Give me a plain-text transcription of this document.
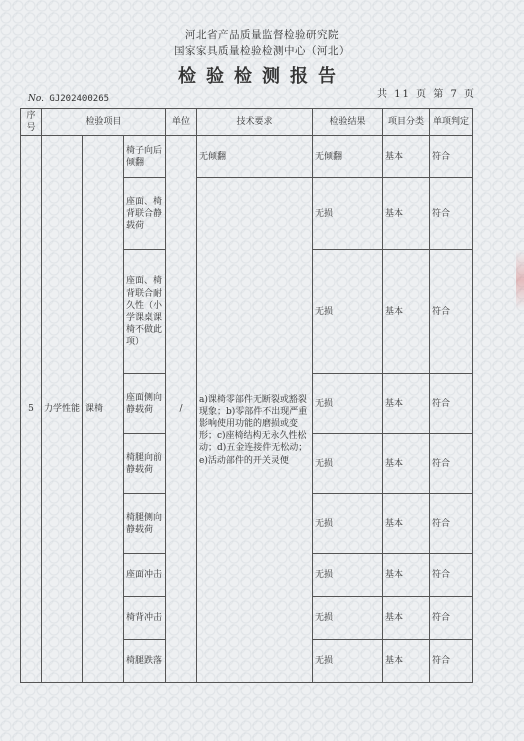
河北省产品质量监督检验研究院
国家家具质量检验检测中心（河北）
检验检测报告
共 11 页 第 7 页
No. GJ202400265
序号	检验项目			单位	技术要求	检验结果	项目分类	单项判定
5	力学性能	课椅	椅子向后倾翻	/	无倾翻	无倾翻	基本	符合
			座面、椅背联合静载荷		a)课椅零部件无断裂或豁裂现象；b)零部件不出现严重影响使用功能的磨损或变形；c)座椅结构无永久性松动；d)五金连接件无松动；e)活动部件的开关灵便	无损	基本	符合
			座面、椅背联合耐久性（小学课桌课椅不做此项）			无损	基本	符合
			座面侧向静载荷			无损	基本	符合
			椅腿向前静载荷			无损	基本	符合
			椅腿侧向静载荷			无损	基本	符合
			座面冲击			无损	基本	符合
			椅背冲击			无损	基本	符合
			椅腿跌落			无损	基本	符合
